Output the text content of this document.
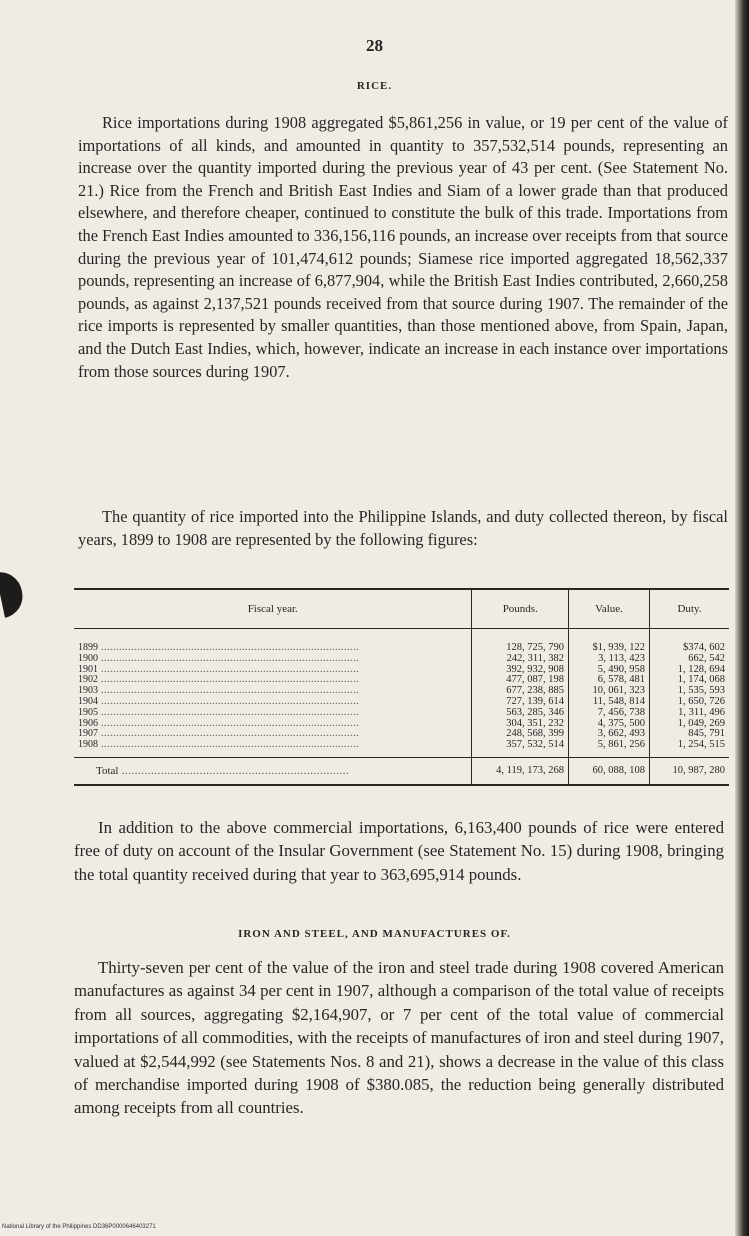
28
RICE.

Rice importations during 1908 aggregated $5,861,256 in value, or 19 per cent of the value of importations of all kinds, and amounted in quantity to 357,532,514 pounds, representing an increase over the quantity imported during the previous year of 43 per cent. (See Statement No. 21.) Rice from the French and British East Indies and Siam of a lower grade than that produced elsewhere, and therefore cheaper, continued to constitute the bulk of this trade. Importations from the French East Indies amounted to 336,156,116 pounds, an increase over receipts from that source during the previous year of 101,474,612 pounds; Siamese rice imported aggregated 18,562,337 pounds, representing an increase of 6,877,904, while the British East Indies contributed, 2,660,258 pounds, as against 2,137,521 pounds received from that source during 1907. The remainder of the rice imports is represented by smaller quantities, than those mentioned above, from Spain, Japan, and the Dutch East Indies, which, however, indicate an increase in each instance over importations from those sources during 1907.

The quantity of rice imported into the Philippine Islands, and duty collected thereon, by fiscal years, 1899 to 1908 are represented by the following figures:

Fiscal year.	Pounds.	Value.	Duty.
1899 ......................................................................................	128, 725, 790	$1, 939, 122	$374, 602
1900 ......................................................................................	242, 311, 382	3, 113, 423	662, 542
1901 ......................................................................................	392, 932, 908	5, 490, 958	1, 128, 694
1902 ......................................................................................	477, 087, 198	6, 578, 481	1, 174, 068
1903 ......................................................................................	677, 238, 885	10, 061, 323	1, 535, 593
1904 ......................................................................................	727, 139, 614	11, 548, 814	1, 650, 726
1905 ......................................................................................	563, 285, 346	7, 456, 738	1, 311, 496
1906 ......................................................................................	304, 351, 232	4, 375, 500	1, 049, 269
1907 ......................................................................................	248, 568, 399	3, 662, 493	845, 791
1908 ......................................................................................	357, 532, 514	5, 861, 256	1, 254, 515
Total ......................................................................	4, 119, 173, 268	60, 088, 108	10, 987, 280

In addition to the above commercial importations, 6,163,400 pounds of rice were entered free of duty on account of the Insular Government (see Statement No. 15) during 1908, bringing the total quantity received during that year to 363,695,914 pounds.

IRON AND STEEL, AND MANUFACTURES OF.

Thirty-seven per cent of the value of the iron and steel trade during 1908 covered American manufactures as against 34 per cent in 1907, although a comparison of the total value of receipts from all sources, aggregating $2,164,907, or 7 per cent of the total value of commercial importations of all commodities, with the receipts of manufactures of iron and steel during 1907, valued at $2,544,992 (see Statements Nos. 8 and 21), shows a decrease in the value of this class of merchandise imported during 1908 of $380.085, the reduction being generally distributed among receipts from all countries.

National Library of the Philippines DD36P0000646403271
